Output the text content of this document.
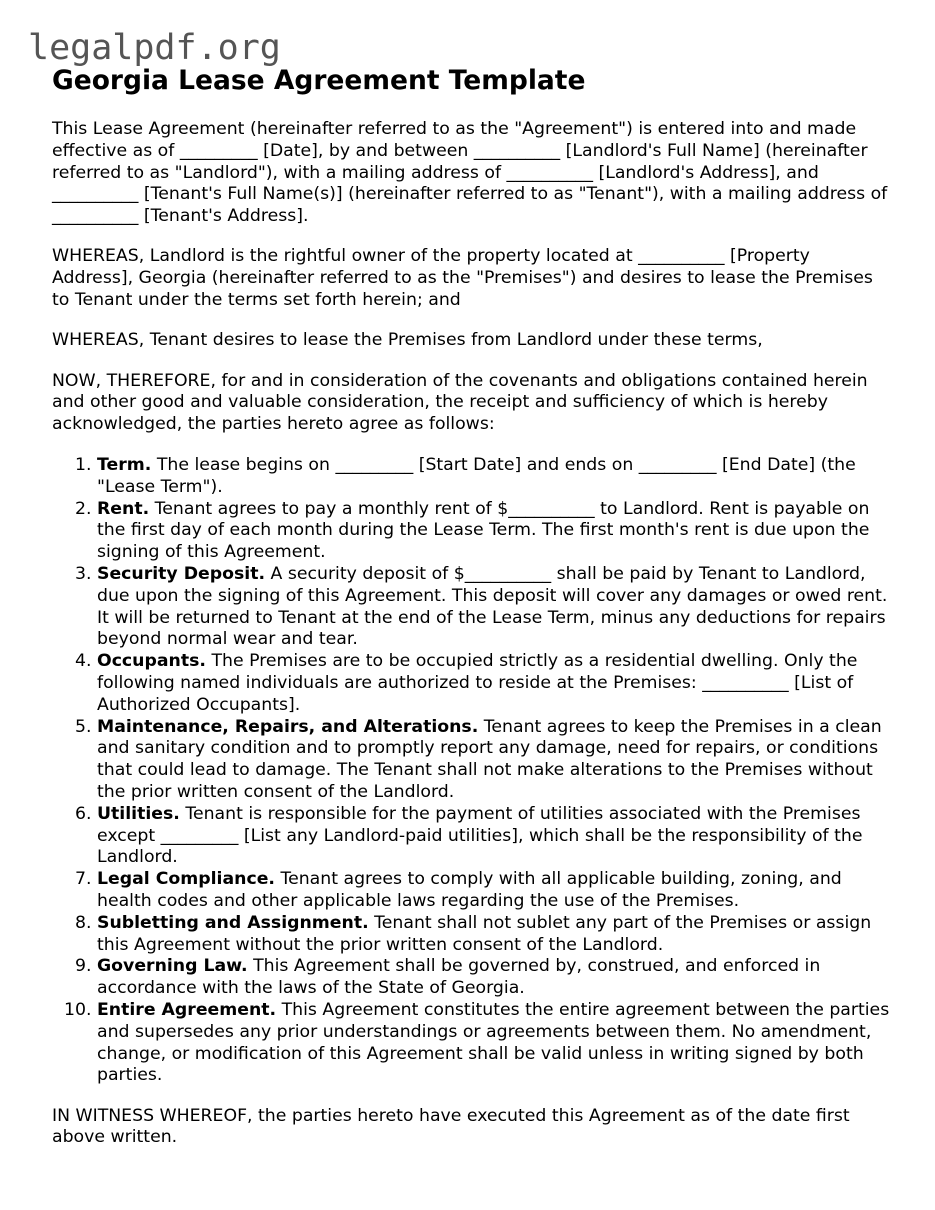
legalpdf.org
Georgia Lease Agreement Template

This Lease Agreement (hereinafter referred to as the "Agreement") is entered into and made effective as of _________ [Date], by and between __________ [Landlord's Full Name] (hereinafter referred to as "Landlord"), with a mailing address of __________ [Landlord's Address], and __________ [Tenant's Full Name(s)] (hereinafter referred to as "Tenant"), with a mailing address of __________ [Tenant's Address].

WHEREAS, Landlord is the rightful owner of the property located at __________ [Property Address], Georgia (hereinafter referred to as the "Premises") and desires to lease the Premises to Tenant under the terms set forth herein; and

WHEREAS, Tenant desires to lease the Premises from Landlord under these terms,

NOW, THEREFORE, for and in consideration of the covenants and obligations contained herein and other good and valuable consideration, the receipt and sufficiency of which is hereby acknowledged, the parties hereto agree as follows:

1. Term. The lease begins on _________ [Start Date] and ends on _________ [End Date] (the "Lease Term").
2. Rent. Tenant agrees to pay a monthly rent of $__________ to Landlord. Rent is payable on the first day of each month during the Lease Term. The first month's rent is due upon the signing of this Agreement.
3. Security Deposit. A security deposit of $__________ shall be paid by Tenant to Landlord, due upon the signing of this Agreement. This deposit will cover any damages or owed rent. It will be returned to Tenant at the end of the Lease Term, minus any deductions for repairs beyond normal wear and tear.
4. Occupants. The Premises are to be occupied strictly as a residential dwelling. Only the following named individuals are authorized to reside at the Premises: __________ [List of Authorized Occupants].
5. Maintenance, Repairs, and Alterations. Tenant agrees to keep the Premises in a clean and sanitary condition and to promptly report any damage, need for repairs, or conditions that could lead to damage. The Tenant shall not make alterations to the Premises without the prior written consent of the Landlord.
6. Utilities. Tenant is responsible for the payment of utilities associated with the Premises except _________ [List any Landlord-paid utilities], which shall be the responsibility of the Landlord.
7. Legal Compliance. Tenant agrees to comply with all applicable building, zoning, and health codes and other applicable laws regarding the use of the Premises.
8. Subletting and Assignment. Tenant shall not sublet any part of the Premises or assign this Agreement without the prior written consent of the Landlord.
9. Governing Law. This Agreement shall be governed by, construed, and enforced in accordance with the laws of the State of Georgia.
10. Entire Agreement. This Agreement constitutes the entire agreement between the parties and supersedes any prior understandings or agreements between them. No amendment, change, or modification of this Agreement shall be valid unless in writing signed by both parties.

IN WITNESS WHEREOF, the parties hereto have executed this Agreement as of the date first above written.
